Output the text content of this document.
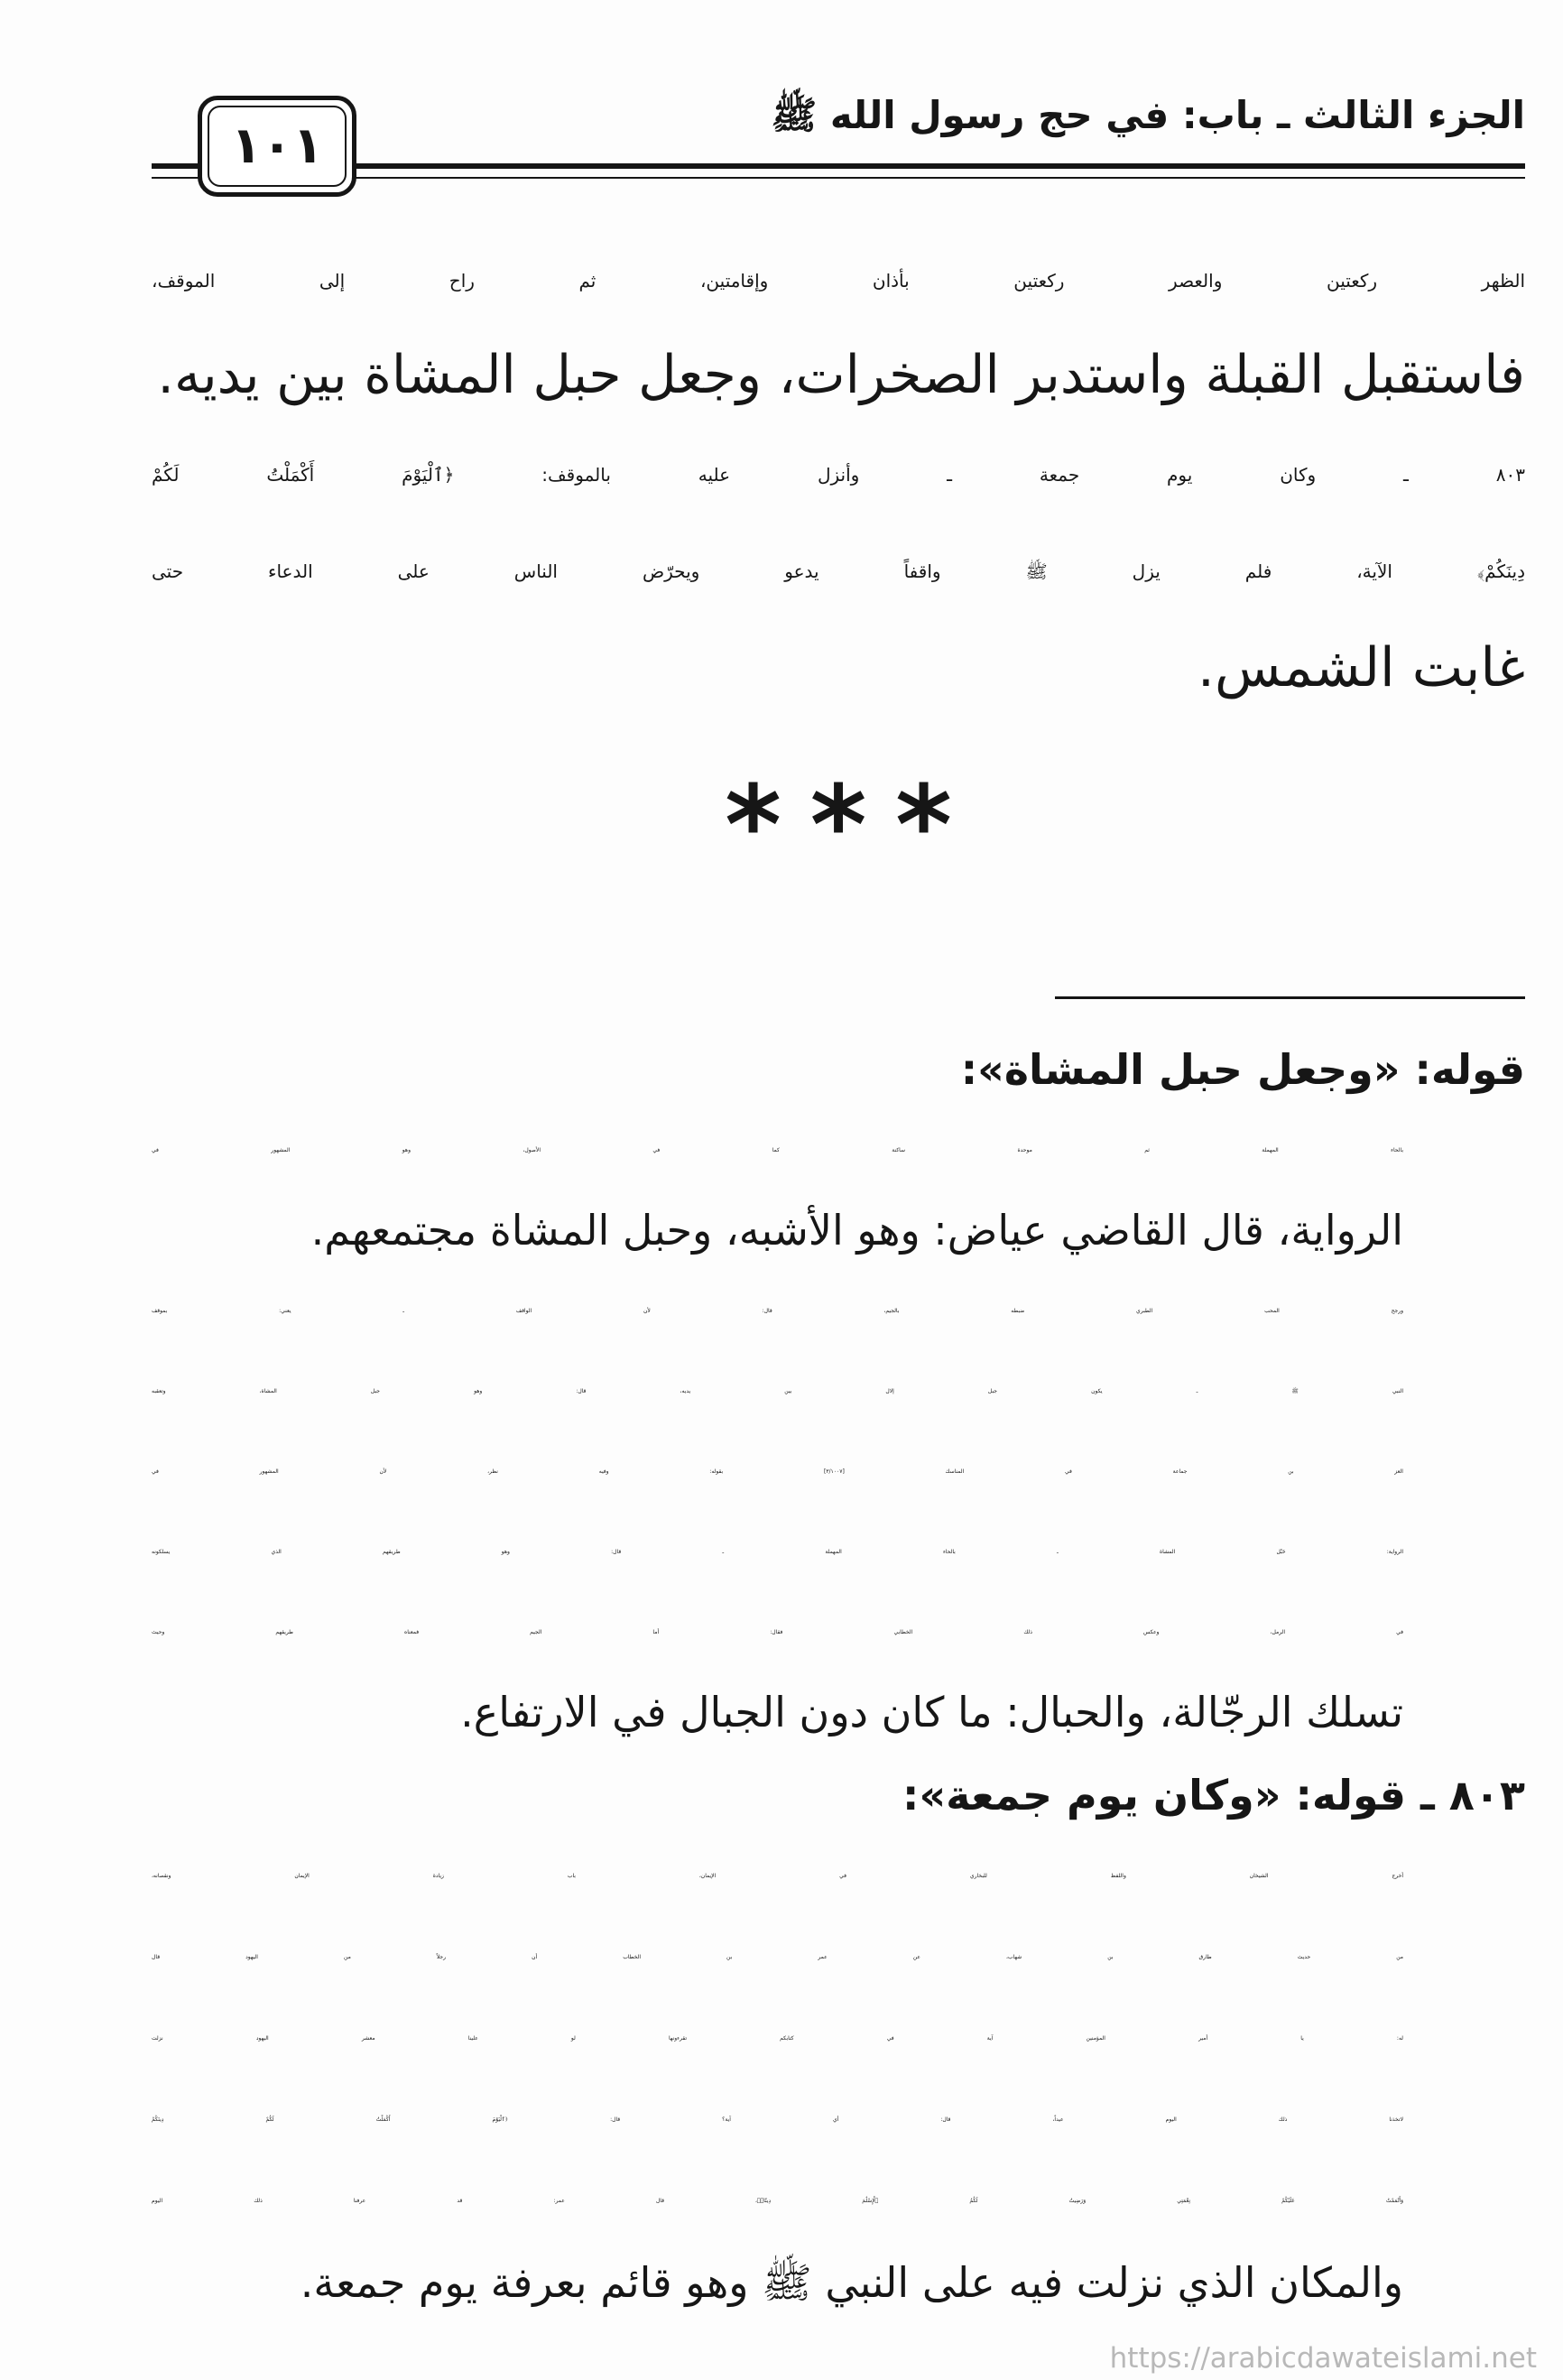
الجزء الثالث ـ باب: في حج رسول الله ﷺ
١٠١
الظهر ركعتين والعصر ركعتين بأذان وإقامتين، ثم راح إلى الموقف،
فاستقبل القبلة واستدبر الصخرات، وجعل حبل المشاة بين يديه.
٨٠٣ ـ وكان يوم جمعة ـ وأنزل عليه بالموقف: ﴿ٱلْيَوْمَ أَكْمَلْتُ لَكُمْ
دِينَكُمْ﴾ الآية، فلم يزل ﷺ واقفاً يدعو ويحرّض الناس على الدعاء حتى
غابت الشمس.
* * *
قوله: «وجعل حبل المشاة»:
بالحاء المهملة ثم موحدة ساكنة كما في الأصول، وهو المشهور في
الرواية، قال القاضي عياض: وهو الأشبه، وحبل المشاة مجتمعهم.
ورجح المحب الطبري ضبطه بالجيم، قال: لأن الواقف ـ يعني: بموقف
النبي ﷺ ـ يكون جبل إلال بين يديه، قال: وهو جبل المشاة، وتعقبه
العز بن جماعة في المناسك [٣/١٠٠٧] بقوله: وفيه نظر، لأن المشهور في
الرواية: حَبْل المشاة ـ بالحاء المهملة ـ قال: وهو طريقهم الذي يسلكونه
في الرمل، وعكس ذلك الخطابي فقال: أما الجيم فمعناه طريقهم وحيث
تسلك الرجّالة، والحبال: ما كان دون الجبال في الارتفاع.
٨٠٣ ـ قوله: «وكان يوم جمعة»:
أخرج الشيخان واللفظ للبخاري في الإيمان، باب زيادة الإيمان ونقصانه،
من حديث طارق بن شهاب، عن عمر بن الخطاب أن رجلاً من اليهود قال
له: يا أمير المؤمنين آية في كتابكم تقرءونها لو علينا معشر اليهود نزلت
لاتخذنا ذلك اليوم عيداً، قال: أي آية؟ قال: ﴿ٱلْيَوْمَ أَكْمَلْتُ لَكُمْ دِينَكُمْ
وَأَتْمَمْتُ عَلَيْكُمْ نِعْمَتِي وَرَضِيتُ لَكُمُ ٱلْإِسْلَٰمَ دِينًاۚ﴾، قال عمر: قد عرفنا ذلك اليوم
والمكان الذي نزلت فيه على النبي ﷺ وهو قائم بعرفة يوم جمعة.
https://arabicdawateislami.net
